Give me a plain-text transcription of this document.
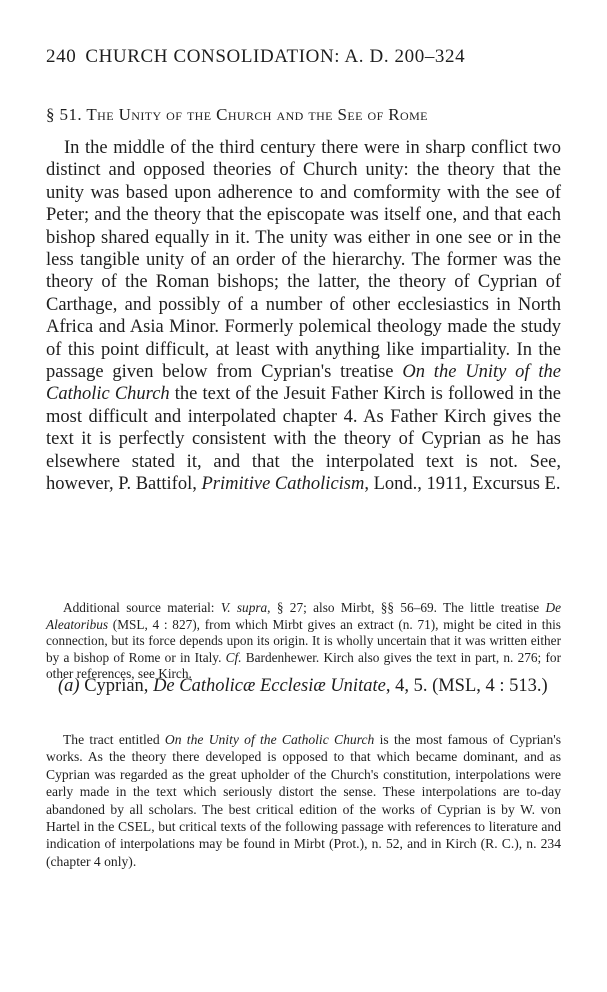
240 CHURCH CONSOLIDATION: A. D. 200–324
§ 51. The Unity of the Church and the See of Rome

In the middle of the third century there were in sharp conflict two distinct and opposed theories of Church unity: the theory that the unity was based upon adherence to and comformity with the see of Peter; and the theory that the episcopate was itself one, and that each bishop shared equally in it. The unity was either in one see or in the less tangible unity of an order of the hierarchy. The former was the theory of the Roman bishops; the latter, the theory of Cyprian of Carthage, and possibly of a number of other ecclesiastics in North Africa and Asia Minor. Formerly polemical theology made the study of this point difficult, at least with anything like impartiality. In the passage given below from Cyprian's treatise On the Unity of the Catholic Church the text of the Jesuit Father Kirch is followed in the most difficult and interpolated chapter 4. As Father Kirch gives the text it is perfectly consistent with the theory of Cyprian as he has elsewhere stated it, and that the interpolated text is not. See, however, P. Battifol, Primitive Catholicism, Lond., 1911, Excursus E.

Additional source material: V. supra, § 27; also Mirbt, §§ 56–69. The little treatise De Aleatoribus (MSL, 4 : 827), from which Mirbt gives an extract (n. 71), might be cited in this connection, but its force depends upon its origin. It is wholly uncertain that it was written either by a bishop of Rome or in Italy. Cf. Bardenhewer. Kirch also gives the text in part, n. 276; for other references, see Kirch.

(a) Cyprian, De Catholicæ Ecclesiæ Unitate, 4, 5. (MSL, 4 : 513.)

The tract entitled On the Unity of the Catholic Church is the most famous of Cyprian's works. As the theory there developed is opposed to that which became dominant, and as Cyprian was regarded as the great upholder of the Church's constitution, interpolations were early made in the text which seriously distort the sense. These interpolations are to-day abandoned by all scholars. The best critical edition of the works of Cyprian is by W. von Hartel in the CSEL, but critical texts of the following passage with references to literature and indication of interpolations may be found in Mirbt (Prot.), n. 52, and in Kirch (R. C.), n. 234 (chapter 4 only).
